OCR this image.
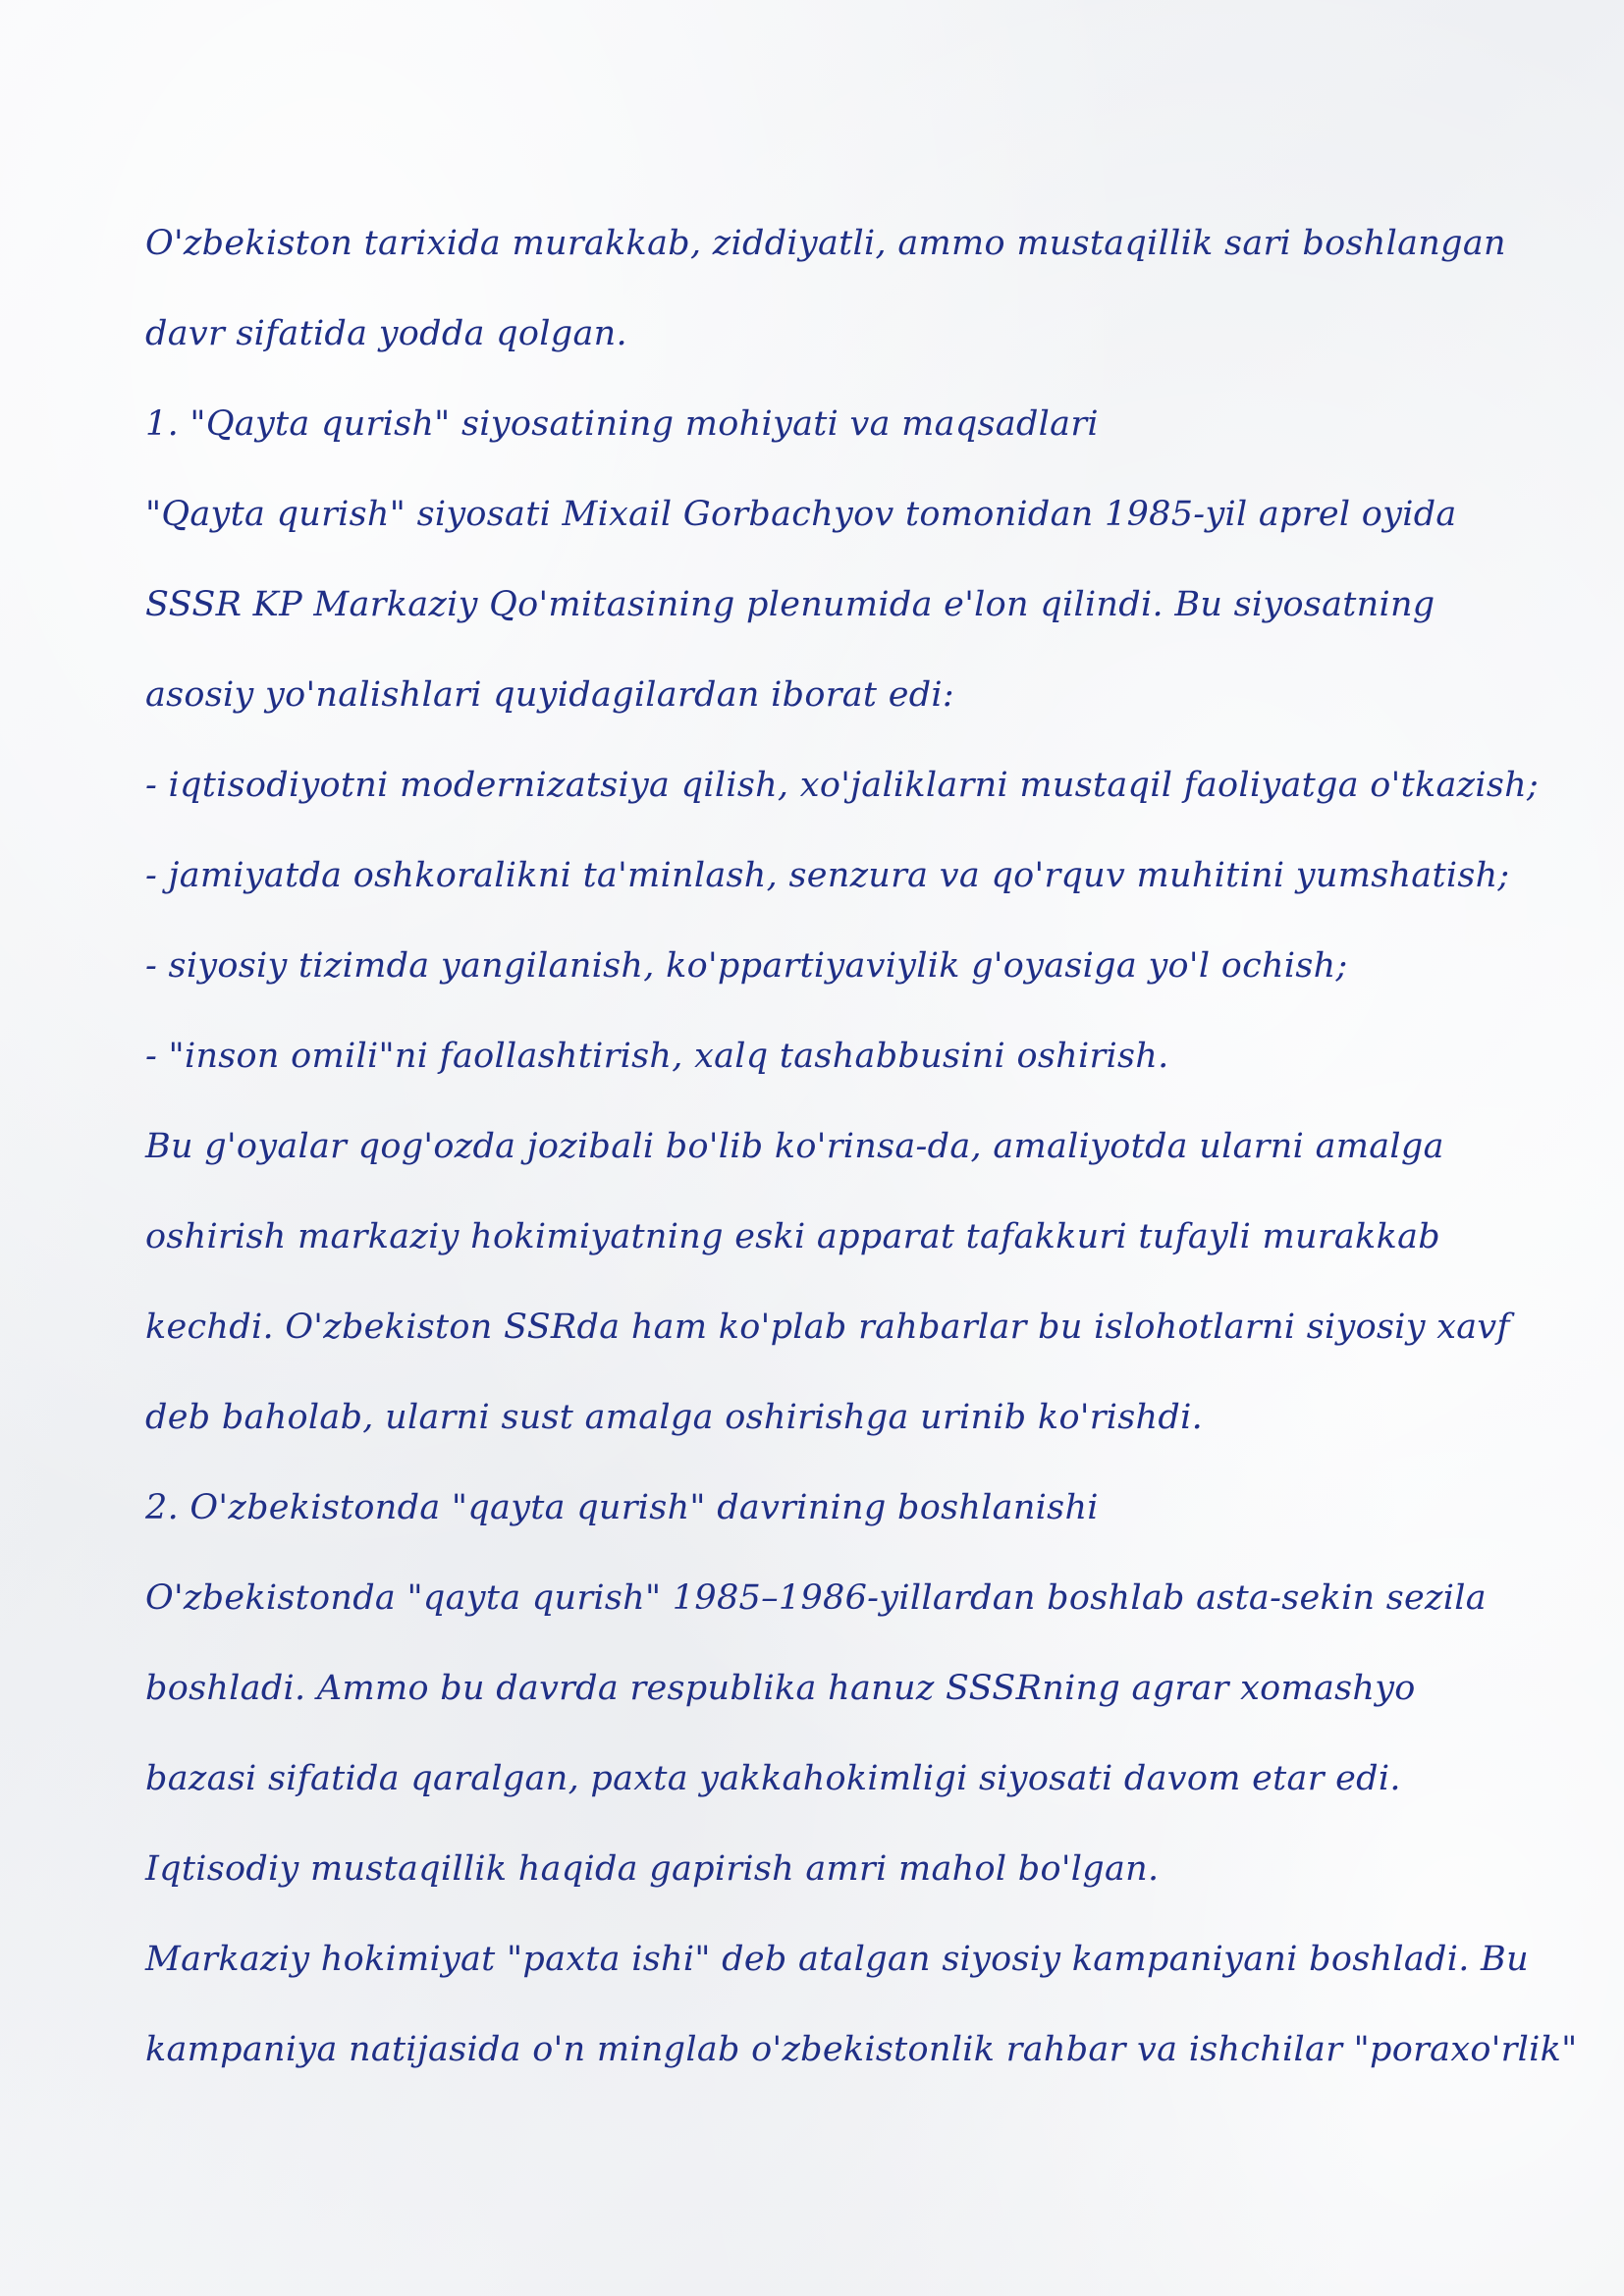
O'zbekiston tarixida murakkab, ziddiyatli, ammo mustaqillik sari boshlangan
davr sifatida yodda qolgan.
1. "Qayta qurish" siyosatining mohiyati va maqsadlari
"Qayta qurish" siyosati Mixail Gorbachyov tomonidan 1985-yil aprel oyida
SSSR KP Markaziy Qo'mitasining plenumida e'lon qilindi. Bu siyosatning
asosiy yo'nalishlari quyidagilardan iborat edi:
- iqtisodiyotni modernizatsiya qilish, xo'jaliklarni mustaqil faoliyatga o'tkazish;
- jamiyatda oshkoralikni ta'minlash, senzura va qo'rquv muhitini yumshatish;
- siyosiy tizimda yangilanish, ko'ppartiyaviylik g'oyasiga yo'l ochish;
- "inson omili"ni faollashtirish, xalq tashabbusini oshirish.
Bu g'oyalar qog'ozda jozibali bo'lib ko'rinsa-da, amaliyotda ularni amalga
oshirish markaziy hokimiyatning eski apparat tafakkuri tufayli murakkab
kechdi. O'zbekiston SSRda ham ko'plab rahbarlar bu islohotlarni siyosiy xavf
deb baholab, ularni sust amalga oshirishga urinib ko'rishdi.
2. O'zbekistonda "qayta qurish" davrining boshlanishi
O'zbekistonda "qayta qurish" 1985–1986-yillardan boshlab asta-sekin sezila
boshladi. Ammo bu davrda respublika hanuz SSSRning agrar xomashyo
bazasi sifatida qaralgan, paxta yakkahokimligi siyosati davom etar edi.
Iqtisodiy mustaqillik haqida gapirish amri mahol bo'lgan.
Markaziy hokimiyat "paxta ishi" deb atalgan siyosiy kampaniyani boshladi. Bu
kampaniya natijasida o'n minglab o'zbekistonlik rahbar va ishchilar "poraxo'rlik"
